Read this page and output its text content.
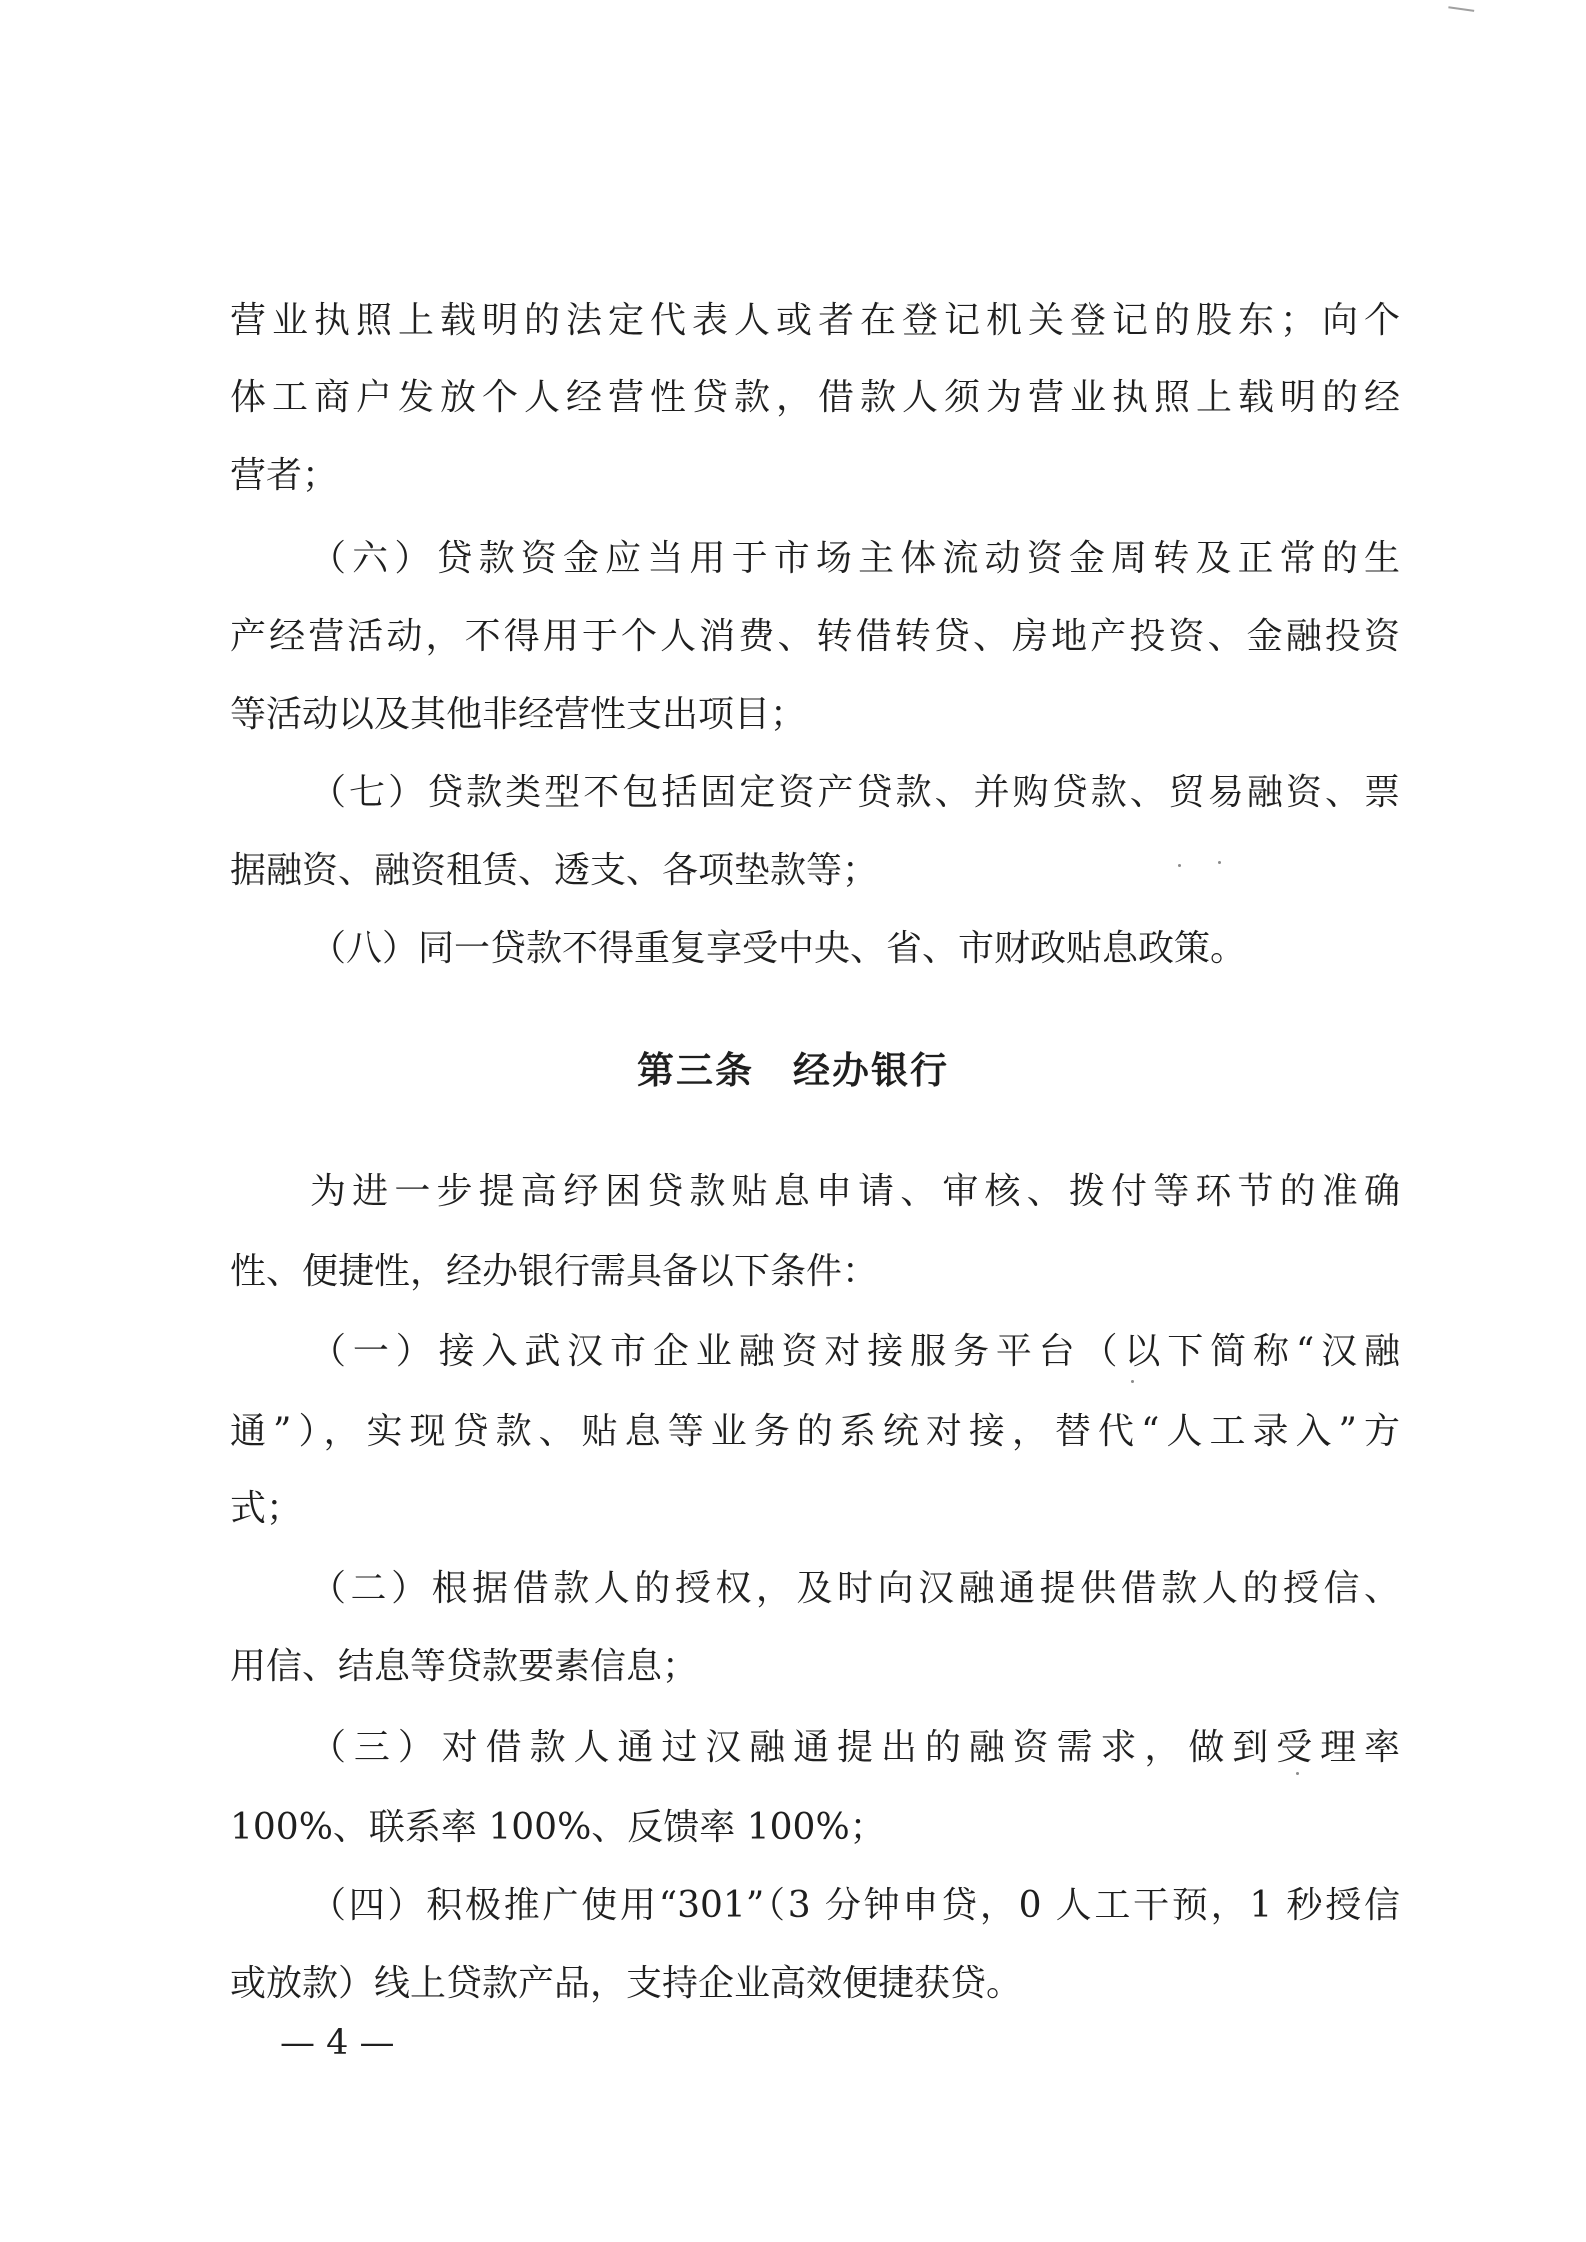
营业执照上载明的法定代表人或者在登记机关登记的股东；向个
体工商户发放个人经营性贷款，借款人须为营业执照上载明的经
营者；
（六）贷款资金应当用于市场主体流动资金周转及正常的生
产经营活动，不得用于个人消费、转借转贷、房地产投资、金融投资
等活动以及其他非经营性支出项目；
（七）贷款类型不包括固定资产贷款、并购贷款、贸易融资、票
据融资、融资租赁、透支、各项垫款等；
（八）同一贷款不得重复享受中央、省、市财政贴息政策。
第三条　经办银行
为进一步提高纾困贷款贴息申请、审核、拨付等环节的准确
性、便捷性，经办银行需具备以下条件：
（一）接入武汉市企业融资对接服务平台（以下简称“汉融
通”），实现贷款、贴息等业务的系统对接，替代“人工录入”方
式；
（二）根据借款人的授权，及时向汉融通提供借款人的授信、
用信、结息等贷款要素信息；
（三）对借款人通过汉融通提出的融资需求，做到受理率
100%、联系率 100%、反馈率 100%；
（四）积极推广使用“301”（3 分钟申贷，0 人工干预，1 秒授信
或放款）线上贷款产品，支持企业高效便捷获贷。
— 4 —
